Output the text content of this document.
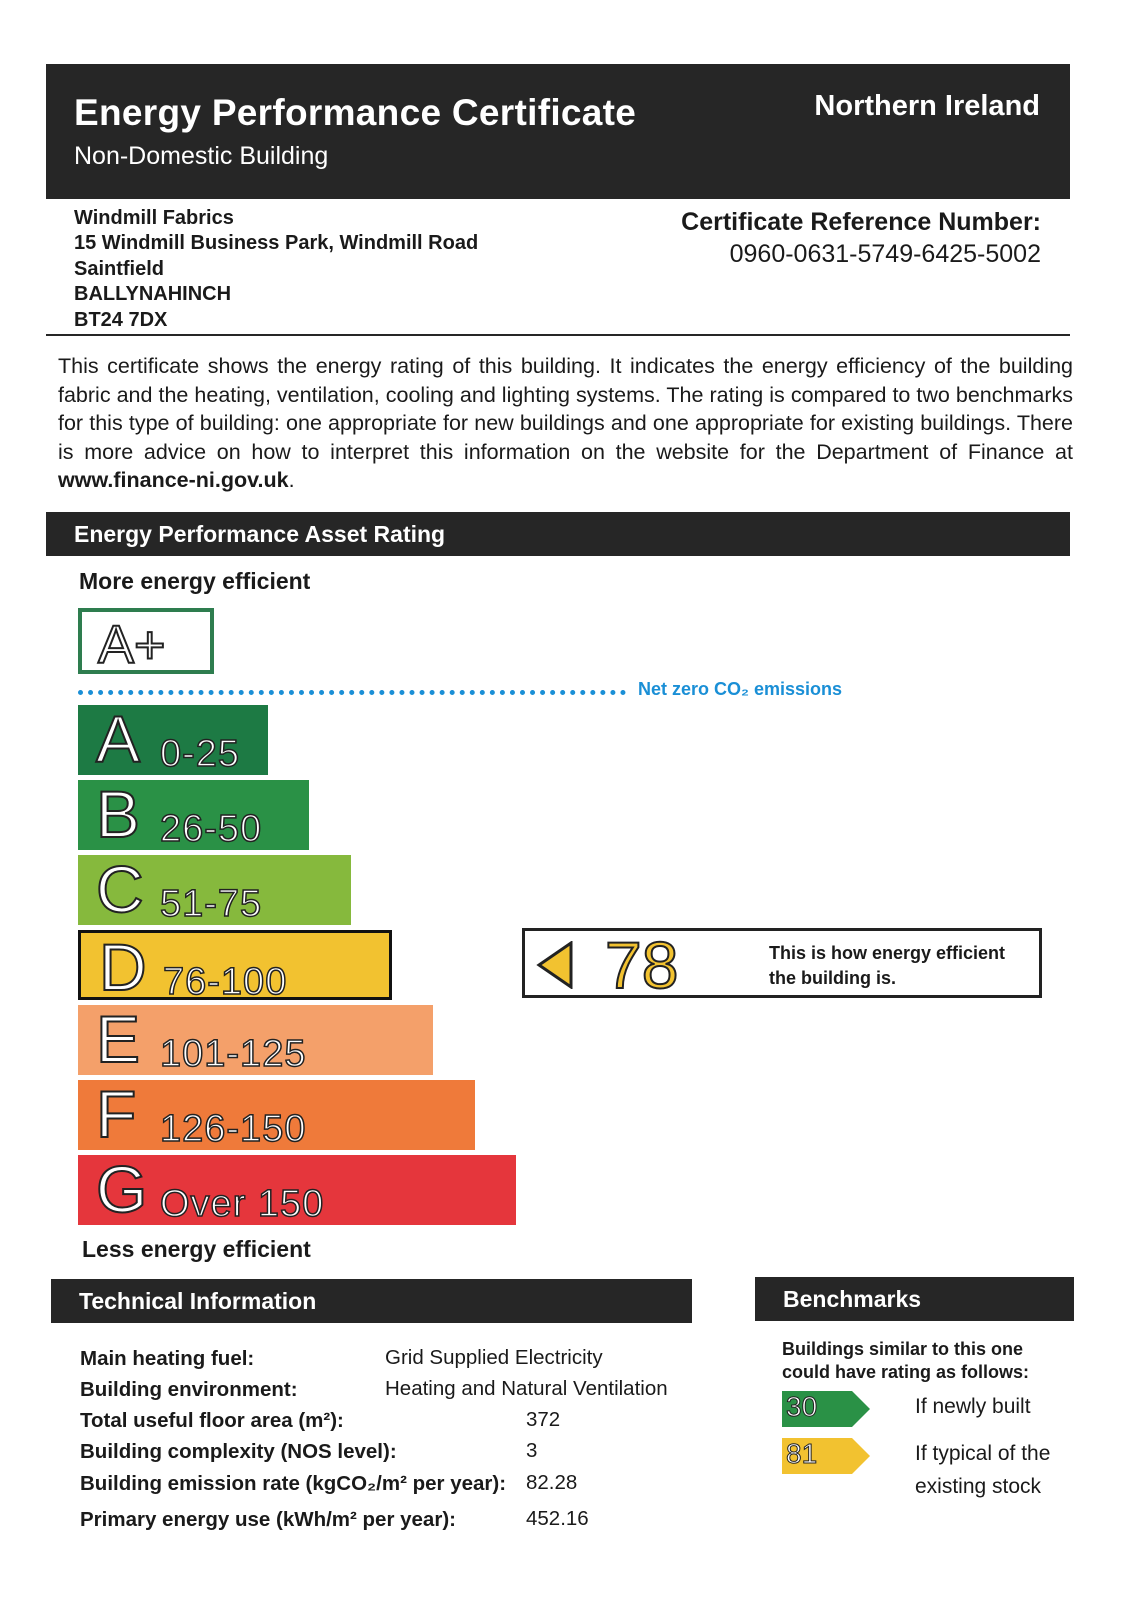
Energy Performance Certificate
Non-Domestic Building
Northern Ireland
Windmill Fabrics
15 Windmill Business Park, Windmill Road
Saintfield
BALLYNAHINCH
BT24 7DX
Certificate Reference Number:
0960-0631-5749-6425-5002
This certificate shows the energy rating of this building. It indicates the energy efficiency of the building fabric and the heating, ventilation, cooling and lighting systems. The rating is compared to two benchmarks for this type of building: one appropriate for new buildings and one appropriate for existing buildings. There is more advice on how to interpret this information on the website for the Department of Finance at www.finance-ni.gov.uk.
Energy Performance Asset Rating
More energy efficient
A+
Net zero CO₂ emissions
A 0-25
B 26-50
C 51-75
D 76-100
E 101-125
F 126-150
G Over 150
78	This is how energy efficient
the building is.
Less energy efficient
Technical Information
Main heating fuel:	Grid Supplied Electricity
Building environment:	Heating and Natural Ventilation
Total useful floor area (m²):	372
Building complexity (NOS level):	3
Building emission rate (kgCO₂/m² per year): 82.28
Primary energy use (kWh/m² per year):	452.16
Benchmarks
Buildings similar to this one could have rating as follows:
30	If newly built
81	If typical of the existing stock
